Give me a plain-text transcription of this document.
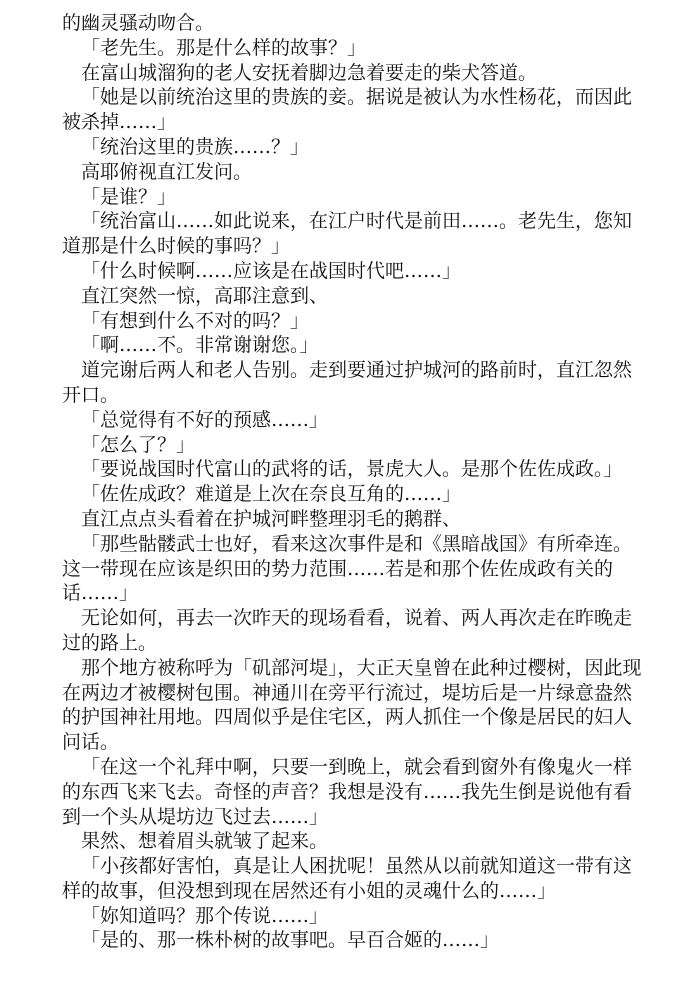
的幽灵骚动吻合。

「老先生。那是什么样的故事？」

在富山城溜狗的老人安抚着脚边急着要走的柴犬答道。

「她是以前统治这里的贵族的妾。据说是被认为水性杨花，而因此被杀掉……」

「统治这里的贵族……？」

高耶俯视直江发问。

「是谁？」

「统治富山……如此说来，在江户时代是前田……。老先生，您知道那是什么时候的事吗？」

「什么时候啊……应该是在战国时代吧……」

直江突然一惊，高耶注意到、

「有想到什么不对的吗？」

「啊……不。非常谢谢您。」

道完谢后两人和老人告别。走到要通过护城河的路前时，直江忽然开口。

「总觉得有不好的预感……」

「怎么了？」

「要说战国时代富山的武将的话，景虎大人。是那个佐佐成政。」

「佐佐成政？难道是上次在奈良互角的……」

直江点点头看着在护城河畔整理羽毛的鹅群、

「那些骷髅武士也好，看来这次事件是和《黑暗战国》有所牵连。这一带现在应该是织田的势力范围……若是和那个佐佐成政有关的话……」

无论如何，再去一次昨天的现场看看，说着、两人再次走在昨晚走过的路上。

那个地方被称呼为「矶部河堤」，大正天皇曾在此种过樱树，因此现在两边才被樱树包围。神通川在旁平行流过，堤坊后是一片绿意盎然的护国神社用地。四周似乎是住宅区，两人抓住一个像是居民的妇人问话。

「在这一个礼拜中啊，只要一到晚上，就会看到窗外有像鬼火一样的东西飞来飞去。奇怪的声音？我想是没有……我先生倒是说他有看到一个头从堤坊边飞过去……」

果然、想着眉头就皱了起来。

「小孩都好害怕，真是让人困扰呢！虽然从以前就知道这一带有这样的故事，但没想到现在居然还有小姐的灵魂什么的……」

「妳知道吗？那个传说……」

「是的、那一株朴树的故事吧。早百合姬的……」
